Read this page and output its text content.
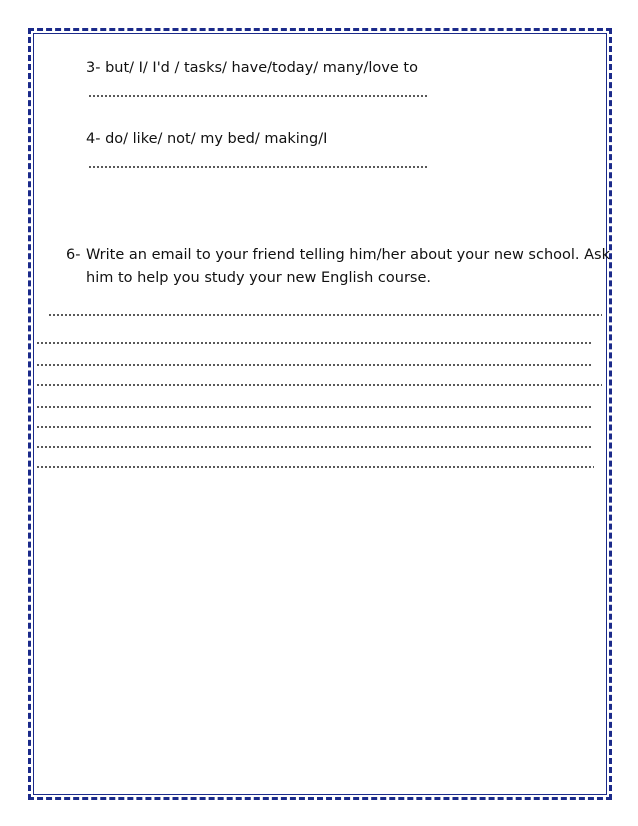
3- but/ I/ I'd / tasks/ have/today/ many/love to
4- do/ like/ not/ my bed/ making/I
6- Write an email to your friend telling him/her about your new school. Ask
him to help you study your new English course.
